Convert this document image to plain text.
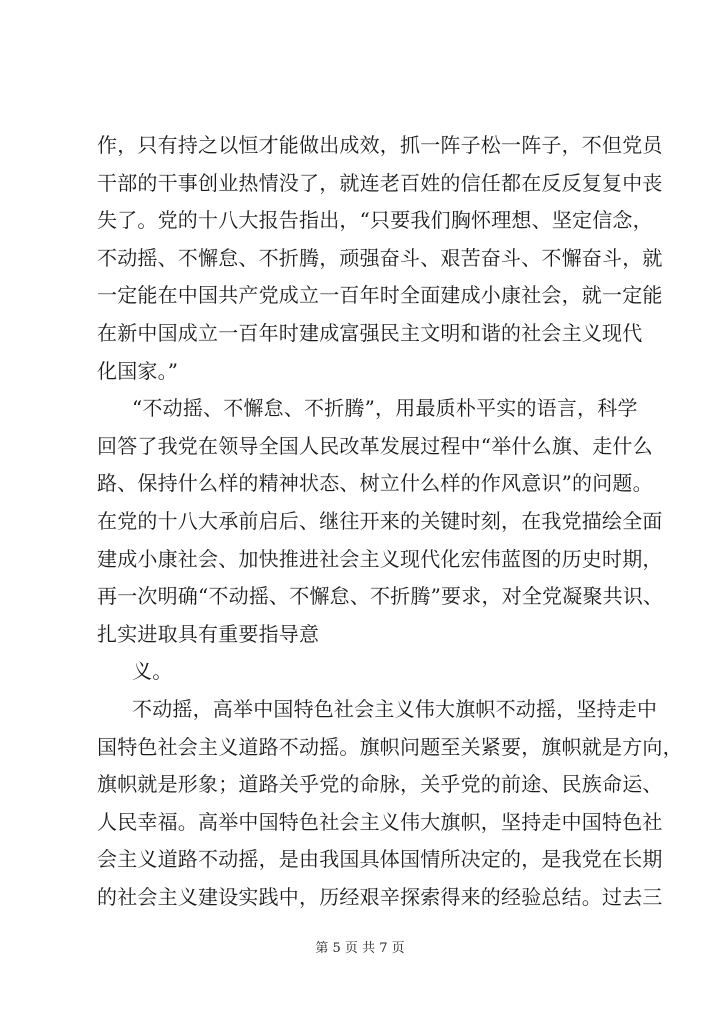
作，只有持之以恒才能做出成效，抓一阵子松一阵子，不但党员
干部的干事创业热情没了，就连老百姓的信任都在反反复复中丧
失了。党的十八大报告指出，“只要我们胸怀理想、坚定信念，
不动摇、不懈怠、不折腾，顽强奋斗、艰苦奋斗、不懈奋斗，就
一定能在中国共产党成立一百年时全面建成小康社会，就一定能
在新中国成立一百年时建成富强民主文明和谐的社会主义现代
化国家。”
“不动摇、不懈怠、不折腾”，用最质朴平实的语言，科学
回答了我党在领导全国人民改革发展过程中“举什么旗、走什么
路、保持什么样的精神状态、树立什么样的作风意识”的问题。
在党的十八大承前启后、继往开来的关键时刻，在我党描绘全面
建成小康社会、加快推进社会主义现代化宏伟蓝图的历史时期，
再一次明确“不动摇、不懈怠、不折腾”要求，对全党凝聚共识、
扎实进取具有重要指导意
义。
不动摇，高举中国特色社会主义伟大旗帜不动摇，坚持走中
国特色社会主义道路不动摇。旗帜问题至关紧要，旗帜就是方向，
旗帜就是形象；道路关乎党的命脉，关乎党的前途、民族命运、
人民幸福。高举中国特色社会主义伟大旗帜，坚持走中国特色社
会主义道路不动摇，是由我国具体国情所决定的，是我党在长期
的社会主义建设实践中，历经艰辛探索得来的经验总结。过去三
第 5 页 共 7 页
